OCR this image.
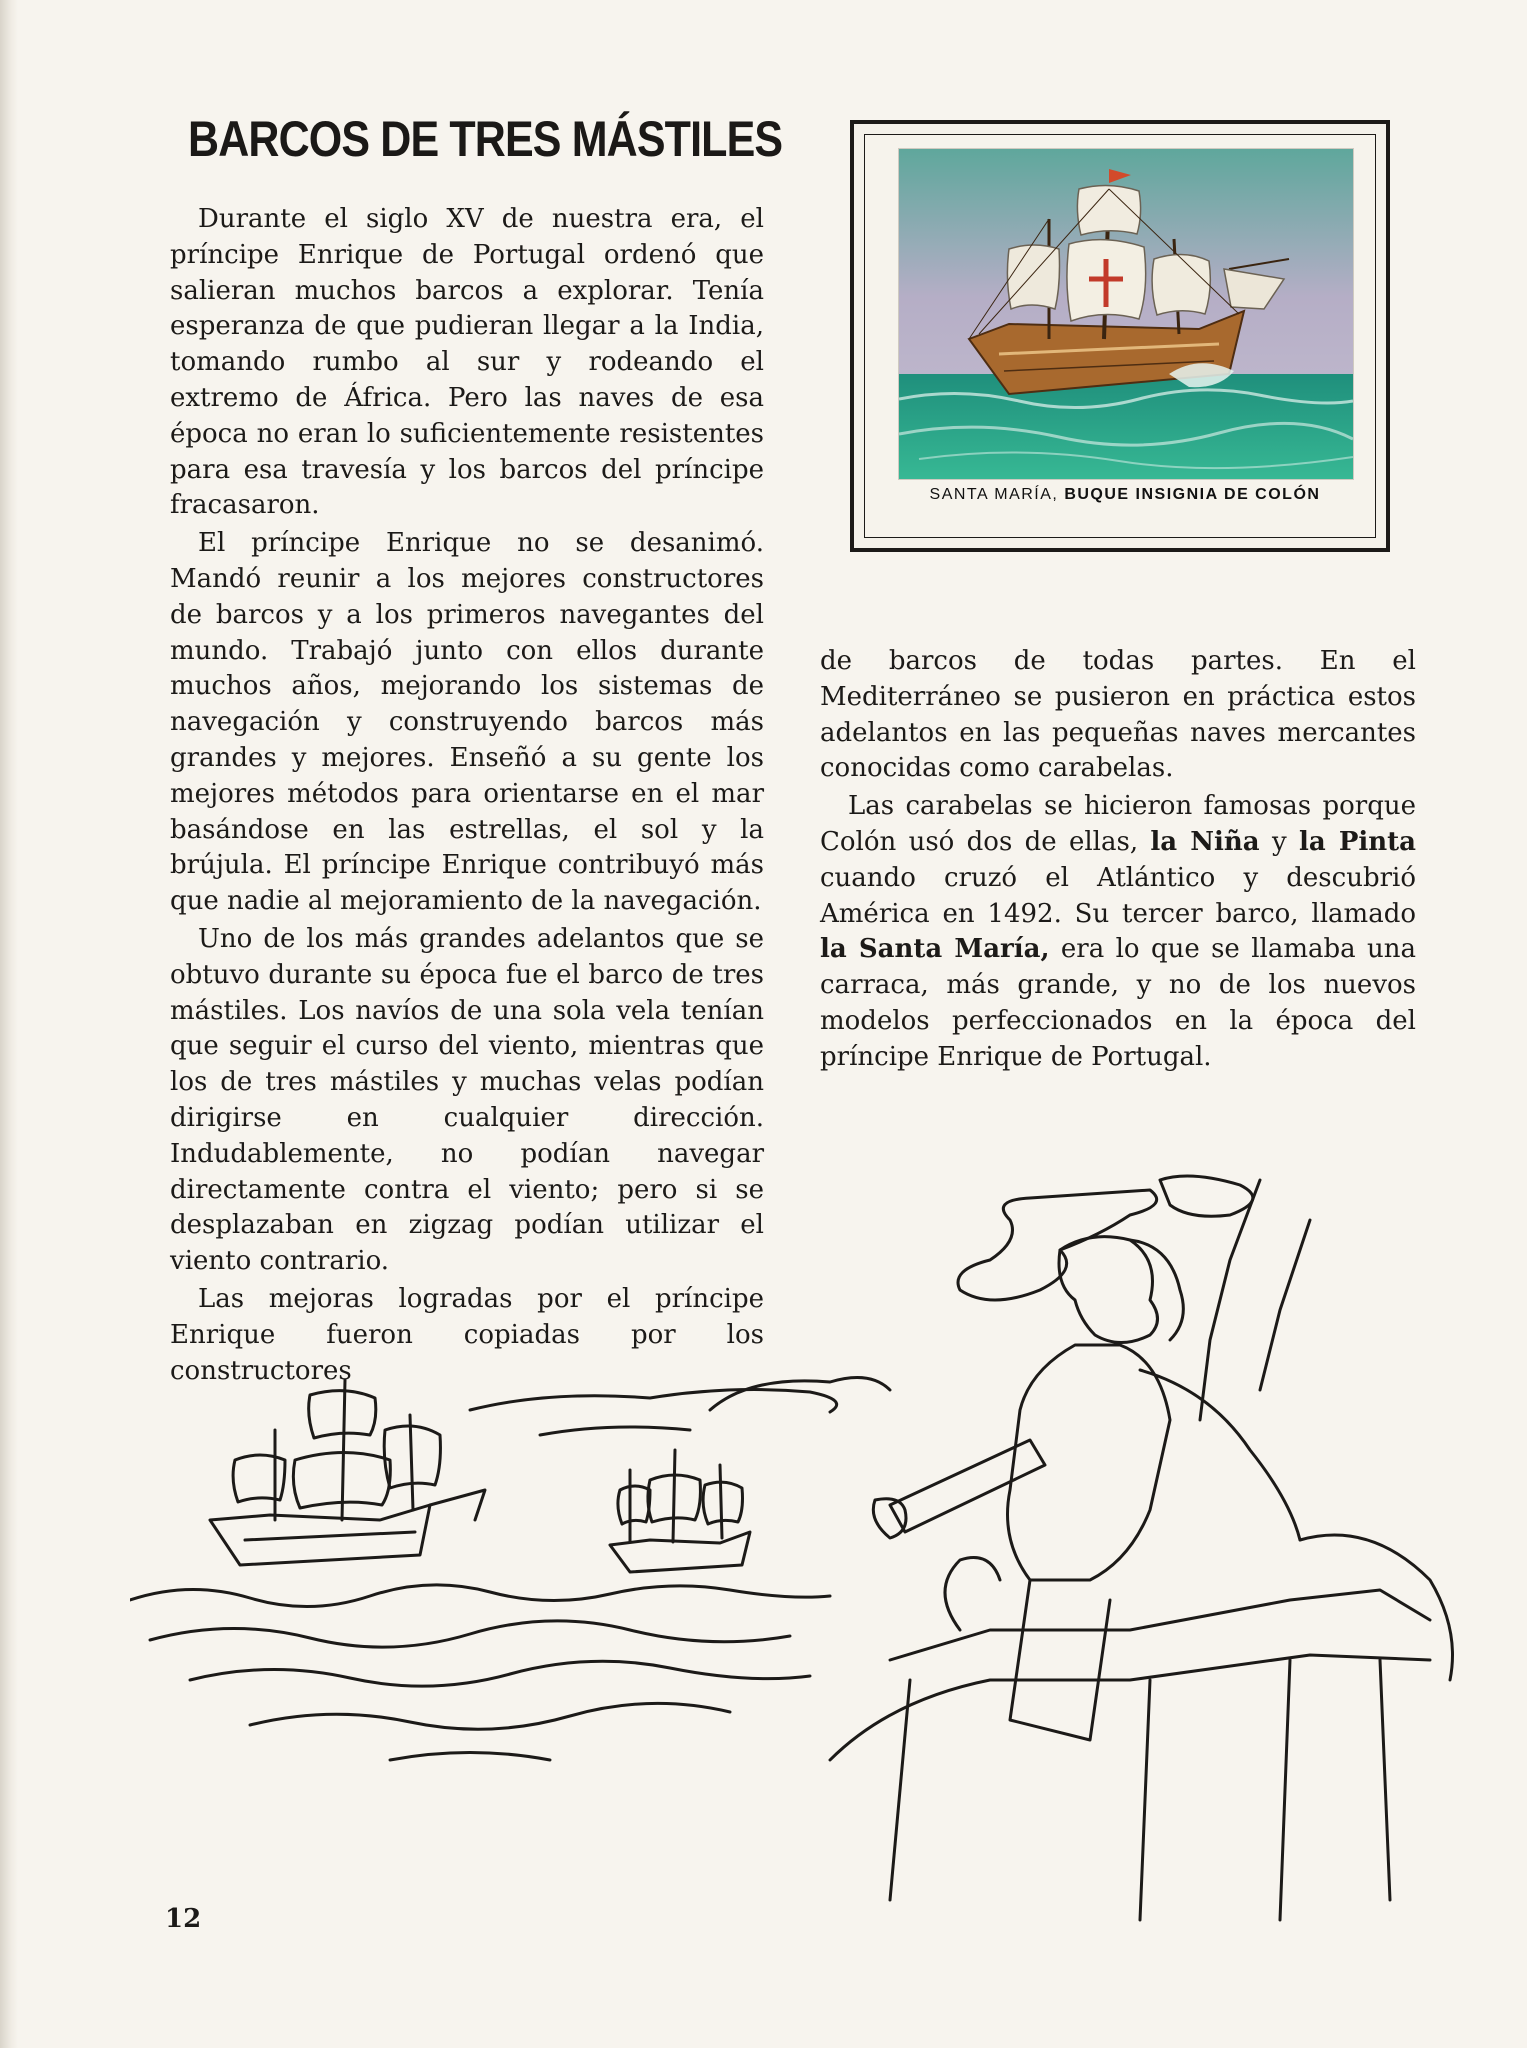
BARCOS DE TRES MÁSTILES

Durante el siglo XV de nuestra era, el príncipe Enrique de Portugal ordenó que salieran muchos barcos a explorar. Tenía esperanza de que pudieran llegar a la India, tomando rumbo al sur y rodeando el extremo de África. Pero las naves de esa época no eran lo suficientemente resistentes para esa travesía y los barcos del príncipe fracasaron.

El príncipe Enrique no se desanimó. Mandó reunir a los mejores constructores de barcos y a los primeros navegantes del mundo. Trabajó junto con ellos durante muchos años, mejorando los sistemas de navegación y construyendo barcos más grandes y mejores. Enseñó a su gente los mejores métodos para orientarse en el mar basándose en las estrellas, el sol y la brújula. El príncipe Enrique contribuyó más que nadie al mejoramiento de la navegación.

Uno de los más grandes adelantos que se obtuvo durante su época fue el barco de tres mástiles. Los navíos de una sola vela tenían que seguir el curso del viento, mientras que los de tres mástiles y muchas velas podían dirigirse en cualquier dirección. Indudablemente, no podían navegar directamente contra el viento; pero si se desplazaban en zigzag podían utilizar el viento contrario.

Las mejoras logradas por el príncipe Enrique fueron copiadas por los constructores

SANTA MARÍA, BUQUE INSIGNIA DE COLÓN

de barcos de todas partes. En el Mediterráneo se pusieron en práctica estos adelantos en las pequeñas naves mercantes conocidas como carabelas.

Las carabelas se hicieron famosas porque Colón usó dos de ellas, la Niña y la Pinta cuando cruzó el Atlántico y descubrió América en 1492. Su tercer barco, llamado la Santa María, era lo que se llamaba una carraca, más grande, y no de los nuevos modelos perfeccionados en la época del príncipe Enrique de Portugal.

12
